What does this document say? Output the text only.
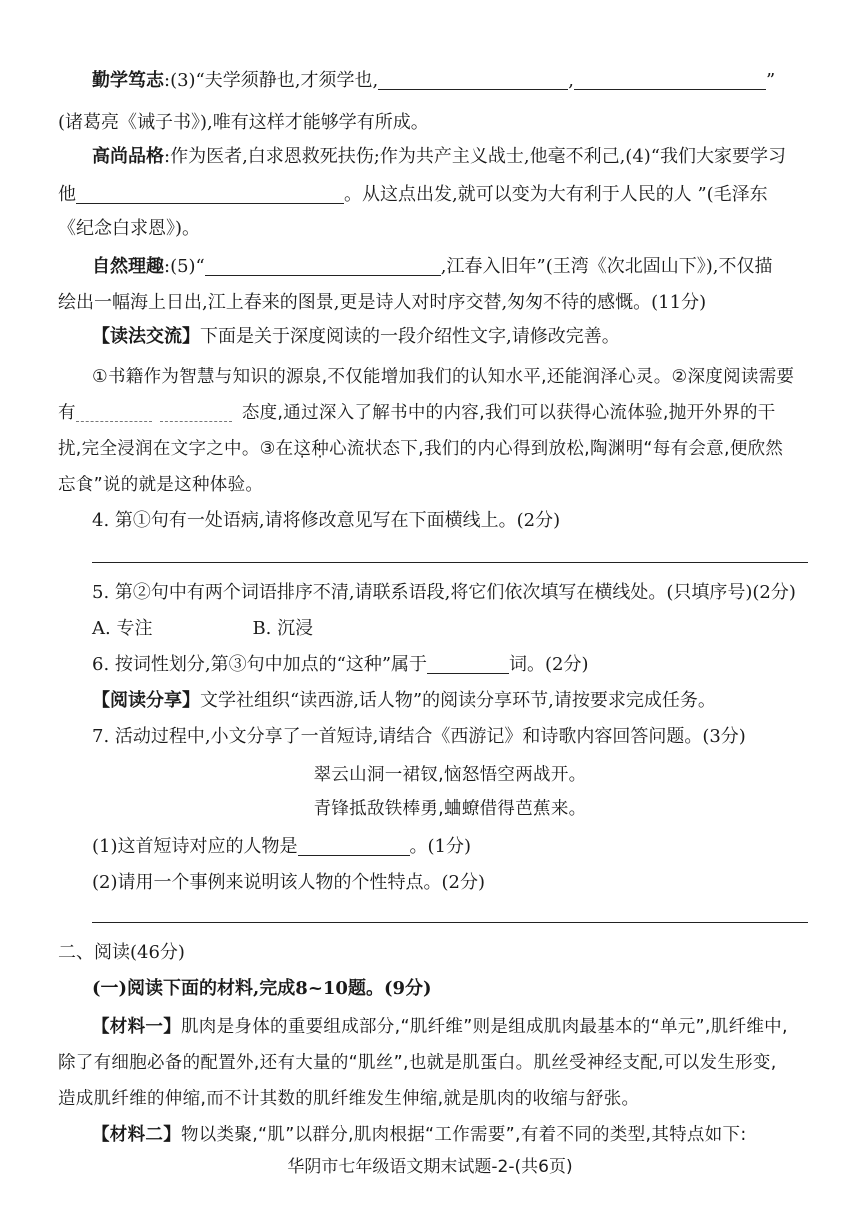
勤学笃志:(3)“夫学须静也,才须学也,	,	”
(诸葛亮《诫子书》),唯有这样才能够学有所成。
高尚品格:作为医者,白求恩救死扶伤;作为共产主义战士,他毫不利己,(4)“我们大家要学习
他	。从这点出发,就可以变为大有利于人民的人 ”(毛泽东
《纪念白求恩》)。
自然理趣:(5)“	,江春入旧年”(王湾《次北固山下》),不仅描
绘出一幅海上日出,江上春来的图景,更是诗人对时序交替,匆匆不待的感慨。(11分)
【读法交流】下面是关于深度阅读的一段介绍性文字,请修改完善。
①书籍作为智慧与知识的源泉,不仅能增加我们的认知水平,还能润泽心灵。②深度阅读需要
有	态度,通过深入了解书中的内容,我们可以获得心流体验,抛开外界的干
扰,完全浸润在文字之中。③在这种心流状态下,我们的内心得到放松,陶渊明“每有会意,便欣然
忘食”说的就是这种体验。
4. 第①句有一处语病,请将修改意见写在下面横线上。(2分)
5. 第②句中有两个词语排序不清,请联系语段,将它们依次填写在横线处。(只填序号)(2分)
A. 专注	B. 沉浸
6. 按词性划分,第③句中加点的“这种”属于	词。(2分)
【阅读分享】文学社组织“读西游,话人物”的阅读分享环节,请按要求完成任务。
7. 活动过程中,小文分享了一首短诗,请结合《西游记》和诗歌内容回答问题。(3分)
翠云山洞一裙钗,恼怒悟空两战开。
青锋抵敌铁棒勇,蛐蟟借得芭蕉来。
(1)这首短诗对应的人物是	。(1分)
(2)请用一个事例来说明该人物的个性特点。(2分)
二、阅读(46分)
(一)阅读下面的材料,完成8~10题。(9分)
【材料一】肌肉是身体的重要组成部分,“肌纤维”则是组成肌肉最基本的“单元”,肌纤维中,
除了有细胞必备的配置外,还有大量的“肌丝”,也就是肌蛋白。肌丝受神经支配,可以发生形变,
造成肌纤维的伸缩,而不计其数的肌纤维发生伸缩,就是肌肉的收缩与舒张。
【材料二】物以类聚,“肌”以群分,肌肉根据“工作需要”,有着不同的类型,其特点如下:
华阴市七年级语文期末试题-2-(共6页)
